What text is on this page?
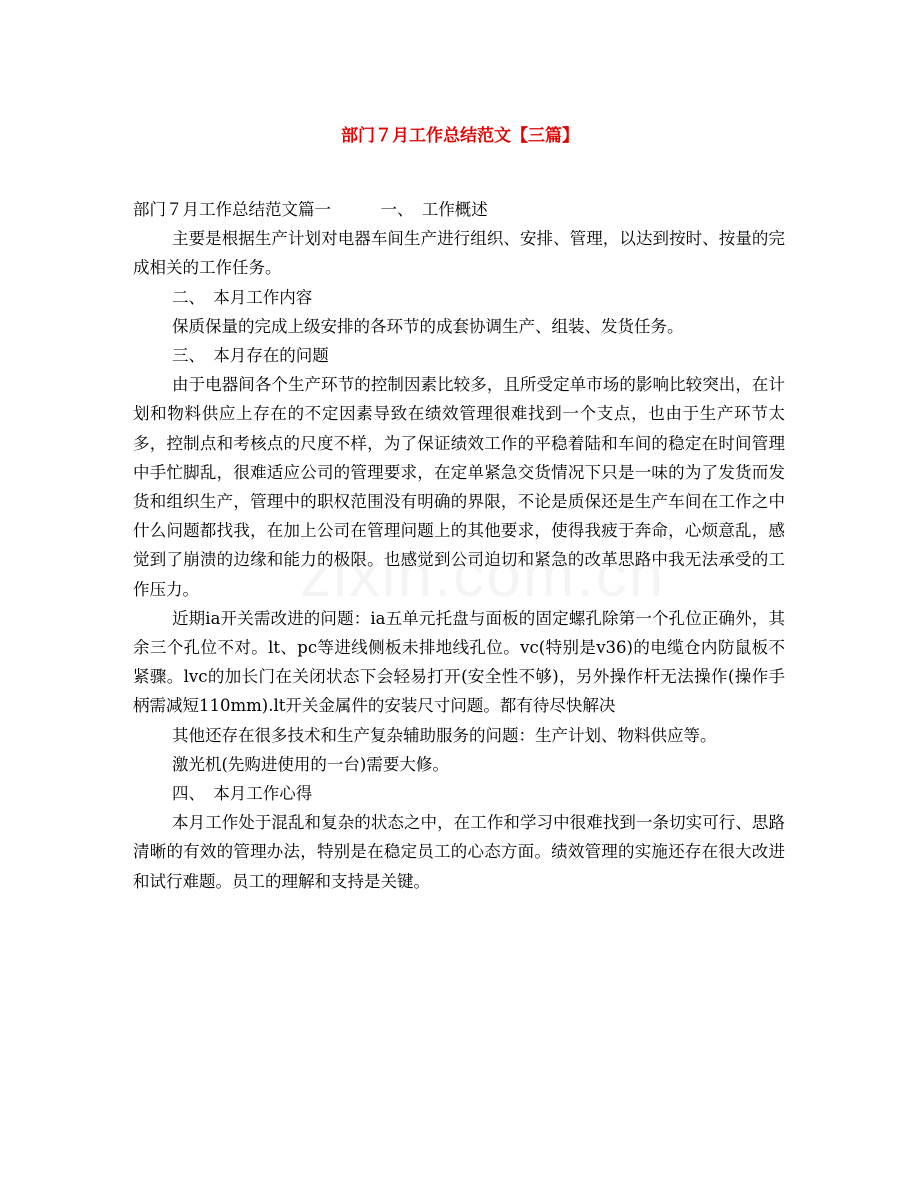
部门７月工作总结范文【三篇】

部门７月工作总结范文篇一　　　一、　工作概述

主要是根据生产计划对电器车间生产进行组织、安排、管理，以达到按时、按量的完成相关的工作任务。

二、　本月工作内容

保质保量的完成上级安排的各环节的成套协调生产、组装、发货任务。

三、　本月存在的问题

由于电器间各个生产环节的控制因素比较多，且所受定单市场的影响比较突出，在计划和物料供应上存在的不定因素导致在绩效管理很难找到一个支点，也由于生产环节太多，控制点和考核点的尺度不样，为了保证绩效工作的平稳着陆和车间的稳定在时间管理中手忙脚乱，很难适应公司的管理要求，在定单紧急交货情况下只是一味的为了发货而发货和组织生产，管理中的职权范围没有明确的界限，不论是质保还是生产车间在工作之中什么问题都找我，在加上公司在管理问题上的其他要求，使得我疲于奔命，心烦意乱，感觉到了崩溃的边缘和能力的极限。也感觉到公司迫切和紧急的改革思路中我无法承受的工作压力。

近期ia开关需改进的问题：ia五单元托盘与面板的固定螺孔除第一个孔位正确外，其余三个孔位不对。lt、pc等进线侧板未排地线孔位。vc(特别是v36)的电缆仓内防鼠板不紧骤。lvc的加长门在关闭状态下会轻易打开(安全性不够)，另外操作杆无法操作(操作手柄需减短110mm).lt开关金属件的安装尺寸问题。都有待尽快解决

其他还存在很多技术和生产复杂辅助服务的问题：生产计划、物料供应等。

激光机(先购进使用的一台)需要大修。

四、　本月工作心得

本月工作处于混乱和复杂的状态之中，在工作和学习中很难找到一条切实可行、思路清晰的有效的管理办法，特别是在稳定员工的心态方面。绩效管理的实施还存在很大改进和试行难题。员工的理解和支持是关键。
